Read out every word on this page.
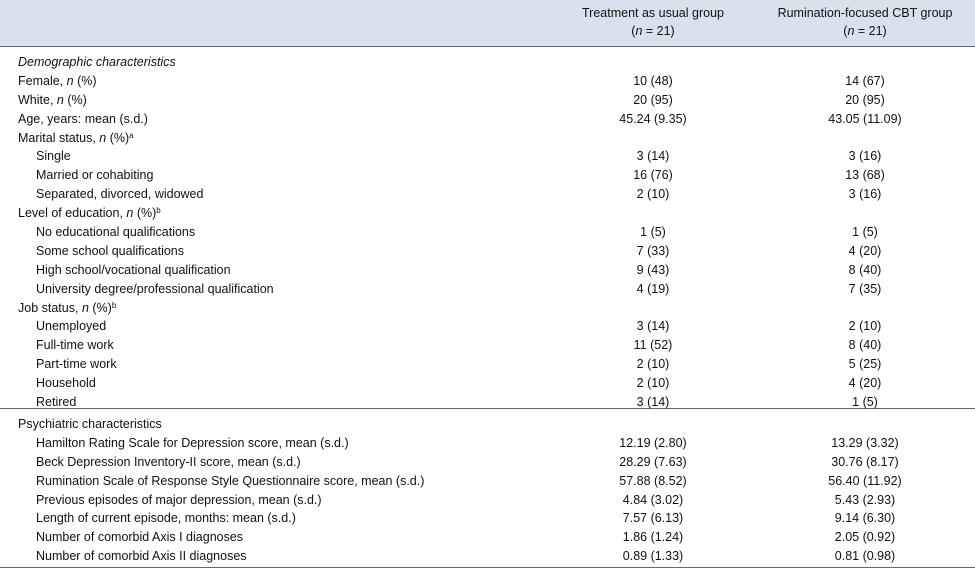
Treatment as usual group
(n = 21)
Rumination-focused CBT group
(n = 21)
Demographic characteristics
Female, n (%)	10 (48)	14 (67)
White, n (%)	20 (95)	20 (95)
Age, years: mean (s.d.)	45.24 (9.35)	43.05 (11.09)
Marital status, n (%)$^a$
Single	3 (14)	3 (16)
Married or cohabiting	16 (76)	13 (68)
Separated, divorced, widowed	2 (10)	3 (16)
Level of education, n (%)$^b$
No educational qualifications	1 (5)	1 (5)
Some school qualifications	7 (33)	4 (20)
High school/vocational qualification	9 (43)	8 (40)
University degree/professional qualification	4 (19)	7 (35)
Job status, n (%)$^b$
Unemployed	3 (14)	2 (10)
Full-time work	11 (52)	8 (40)
Part-time work	2 (10)	5 (25)
Household	2 (10)	4 (20)
Retired	3 (14)	1 (5)
Psychiatric characteristics
Hamilton Rating Scale for Depression score, mean (s.d.)	12.19 (2.80)	13.29 (3.32)
Beck Depression Inventory-II score, mean (s.d.)	28.29 (7.63)	30.76 (8.17)
Rumination Scale of Response Style Questionnaire score, mean (s.d.)	57.88 (8.52)	56.40 (11.92)
Previous episodes of major depression, mean (s.d.)	4.84 (3.02)	5.43 (2.93)
Length of current episode, months: mean (s.d.)	7.57 (6.13)	9.14 (6.30)
Number of comorbid Axis I diagnoses	1.86 (1.24)	2.05 (0.92)
Number of comorbid Axis II diagnoses	0.89 (1.33)	0.81 (0.98)
